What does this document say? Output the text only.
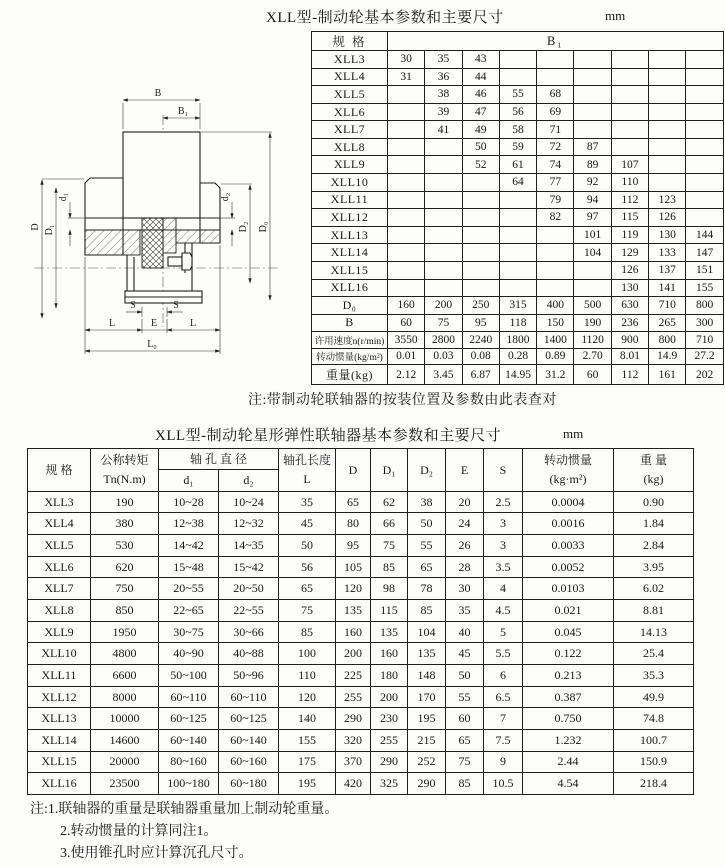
XLL型-制动轮基本参数和主要尺寸	mm
B
B₁
D D₁
d₁	d₂
D₂ D₀
S	S
L	E	L
L₀
规 格	B₁								
XLL3	30	35	43						
XLL4	31	36	44						
XLL5		38	46	55	68				
XLL6		39	47	56	69				
XLL7		41	49	58	71				
XLL8			50	59	72	87			
XLL9			52	61	74	89	107		
XLL10				64	77	92	110		
XLL11					79	94	112	123	
XLL12					82	97	115	126	
XLL13						101	119	130	144
XLL14						104	129	133	147
XLL15							126	137	151
XLL16							130	141	155
D₀	160	200	250	315	400	500	630	710	800
B	60	75	95	118	150	190	236	265	300
许用速度n(r/min)	3550	2800	2240	1800	1400	1120	900	800	710
转动惯量(kg/m²)	0.01	0.03	0.08	0.28	0.89	2.70	8.01	14.9	27.2
重量(kg)	2.12	3.45	6.87	14.95	31.2	60	112	161	202
注:带制动轮联轴器的按装位置及参数由此表查对
XLL型-制动轮星形弹性联轴器基本参数和主要尺寸	mm
规 格	
公称转矩
Tn(N.m)
	轴 孔 直 径	轴孔长度
L
	D	D₁	D₂	E	S	
转动惯量
(kg·m²)

重 量
(kg)

		d₁	d₂								
XLL3	190	10~28	10~24	35	65	62	38	20	2.5	0.0004	0.90
XLL4	380	12~38	12~32	45	80	66	50	24	3	0.0016	1.84
XLL5	530	14~42	14~35	50	95	75	55	26	3	0.0033	2.84
XLL6	620	15~48	15~42	56	105	85	65	28	3.5	0.0052	3.95
XLL7	750	20~55	20~50	65	120	98	78	30	4	0.0103	6.02
XLL8	850	22~65	22~55	75	135	115	85	35	4.5	0.021	8.81
XLL9	1950	30~75	30~66	85	160	135	104	40	5	0.045	14.13
XLL10	4800	40~90	40~88	100	200	160	135	45	5.5	0.122	25.4
XLL11	6600	50~100	50~96	110	225	180	148	50	6	0.213	35.3
XLL12	8000	60~110	60~110	120	255	200	170	55	6.5	0.387	49.9
XLL13	10000	60~125	60~125	140	290	230	195	60	7	0.750	74.8
XLL14	14600	60~140	60~140	155	320	255	215	65	7.5	1.232	100.7
XLL15	20000	80~160	60~160	175	370	290	252	75	9	2.44	150.9
XLL16	23500	100~180	60~180	195	420	325	290	85	10.5	4.54	218.4
注:1.联轴器的重量是联轴器重量加上制动轮重量。
2.转动惯量的计算同注1。
3.使用锥孔时应计算沉孔尺寸。
